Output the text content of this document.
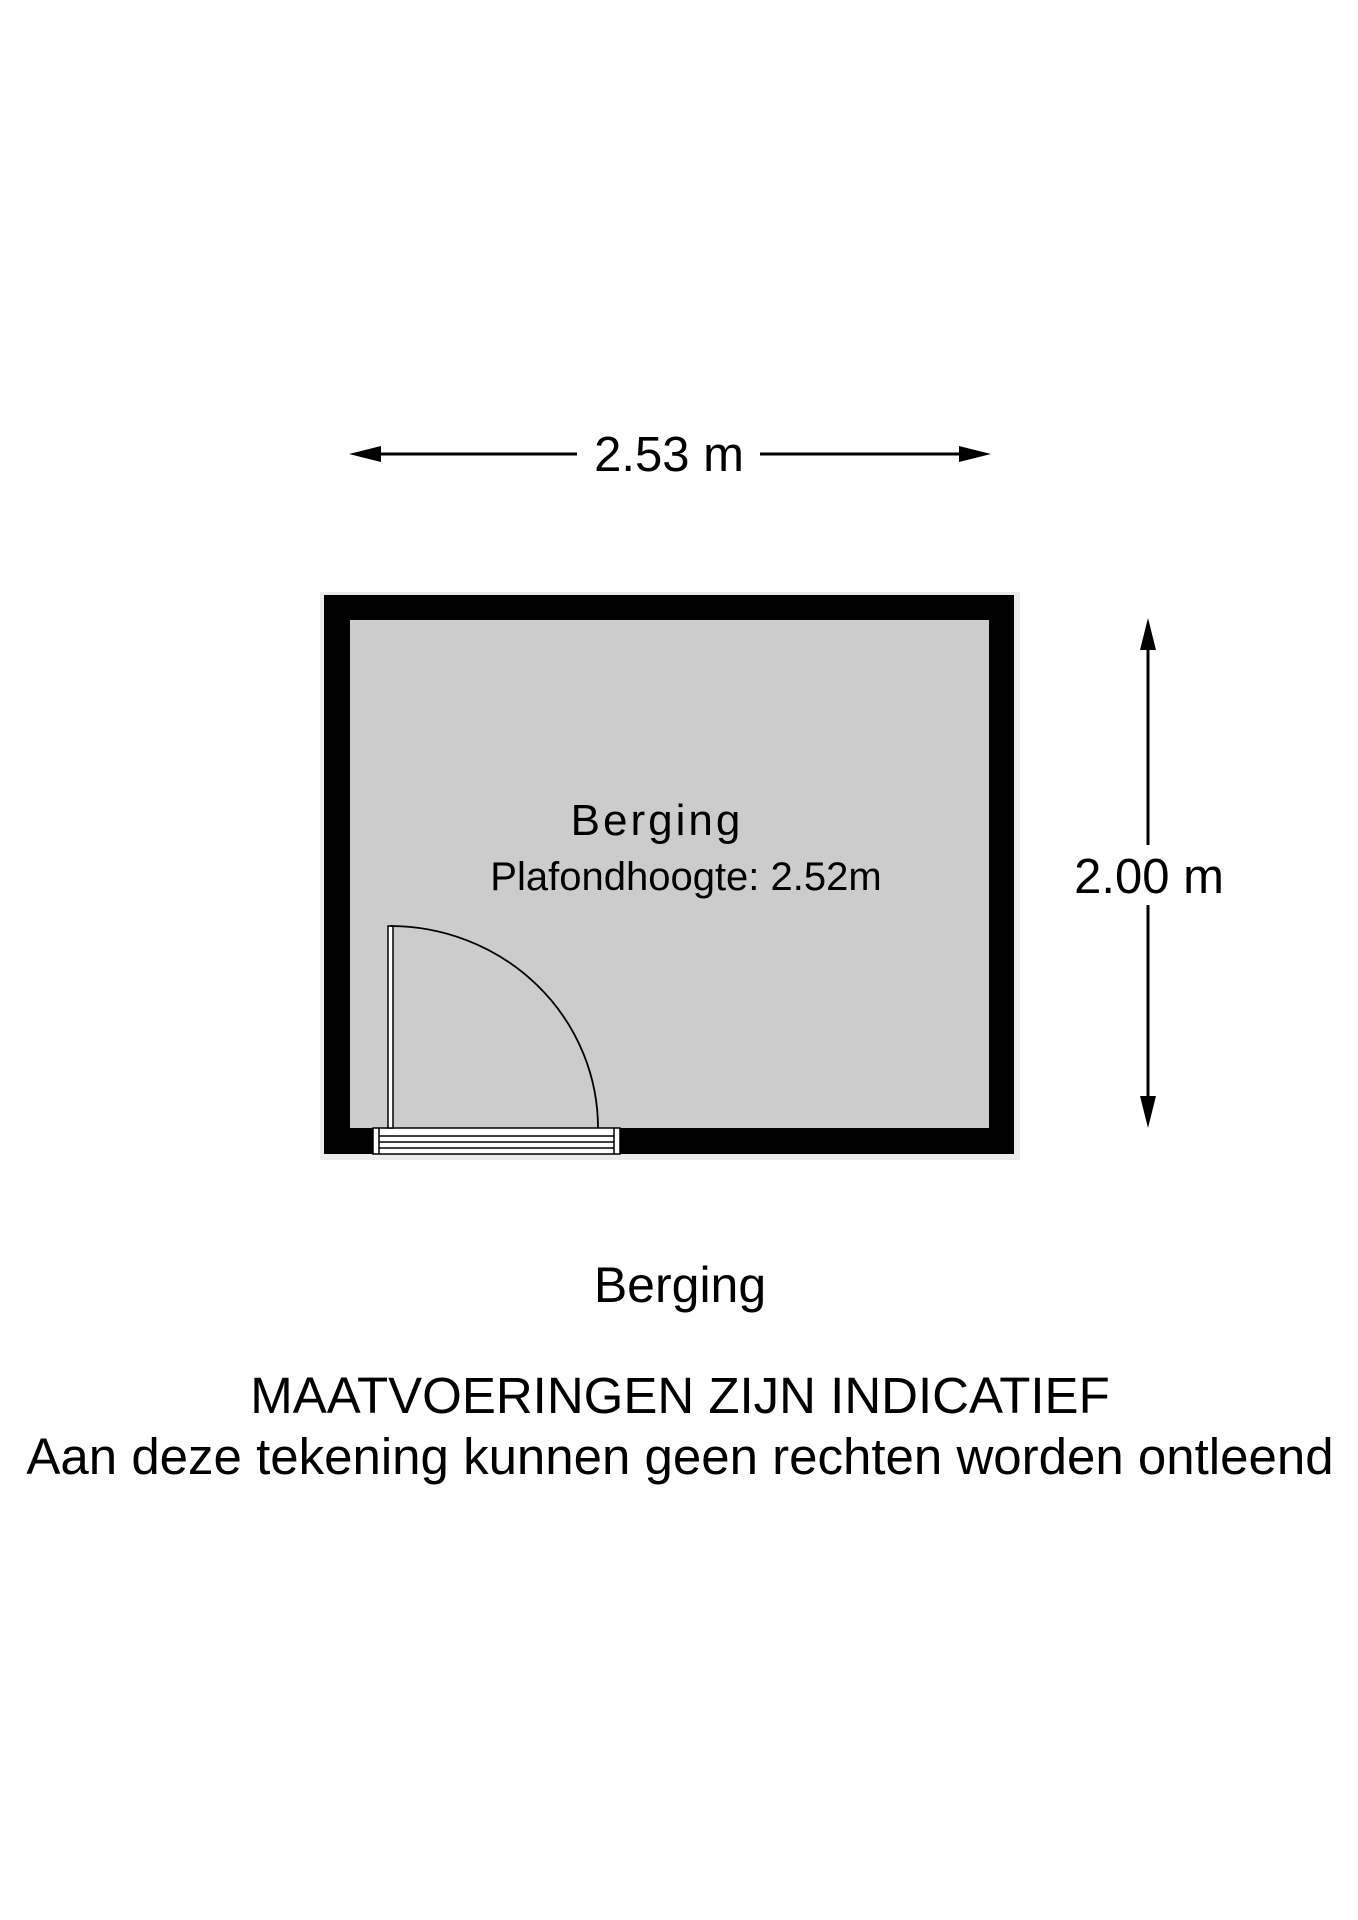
2.53 m
Berging
Plafondhoogte: 2.52m	2.00 m
Berging
MAATVOERINGEN ZIJN INDICATIEF
Aan deze tekening kunnen geen rechten worden ontleend
